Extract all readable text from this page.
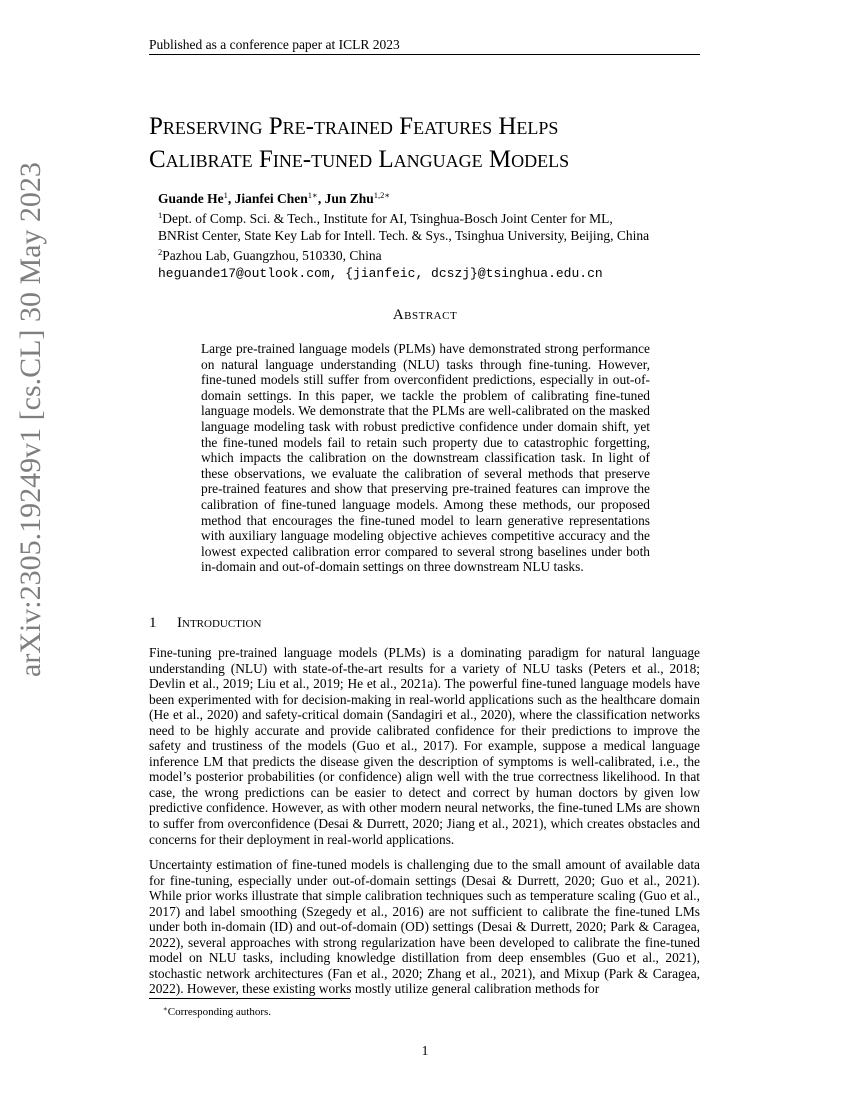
Published as a conference paper at ICLR 2023
arXiv:2305.19249v1 [cs.CL] 30 May 2023
Preserving Pre-trained Features Helps
Calibrate Fine-tuned Language Models
Guande He$^1$, Jianfei Chen$^{1∗}$, Jun Zhu$^{1,2∗}$
$^1$Dept. of Comp. Sci. & Tech., Institute for AI, Tsinghua-Bosch Joint Center for ML,
BNRist Center, State Key Lab for Intell. Tech. & Sys., Tsinghua University, Beijing, China
$^2$Pazhou Lab, Guangzhou, 510330, China
heguande17@outlook.com, {jianfeic, dcszj}@tsinghua.edu.cn
Abstract

Large pre-trained language models (PLMs) have demonstrated strong performance on natural language understanding (NLU) tasks through fine-tuning. However, fine-tuned models still suffer from overconfident predictions, especially in out-of-domain settings. In this paper, we tackle the problem of calibrating fine-tuned language models. We demonstrate that the PLMs are well-calibrated on the masked language modeling task with robust predictive confidence under domain shift, yet the fine-tuned models fail to retain such property due to catastrophic forgetting, which impacts the calibration on the downstream classification task. In light of these observations, we evaluate the calibration of several methods that preserve pre-trained features and show that preserving pre-trained features can improve the calibration of fine-tuned language models. Among these methods, our proposed method that encourages the fine-tuned model to learn generative representations with auxiliary language modeling objective achieves competitive accuracy and the lowest expected calibration error compared to several strong baselines under both in-domain and out-of-domain settings on three downstream NLU tasks.

1 Introduction

Fine-tuning pre-trained language models (PLMs) is a dominating paradigm for natural language understanding (NLU) with state-of-the-art results for a variety of NLU tasks (Peters et al., 2018; Devlin et al., 2019; Liu et al., 2019; He et al., 2021a). The powerful fine-tuned language models have been experimented with for decision-making in real-world applications such as the healthcare domain (He et al., 2020) and safety-critical domain (Sandagiri et al., 2020), where the classification networks need to be highly accurate and provide calibrated confidence for their predictions to improve the safety and trustiness of the models (Guo et al., 2017). For example, suppose a medical language inference LM that predicts the disease given the description of symptoms is well-calibrated, i.e., the model’s posterior probabilities (or confidence) align well with the true correctness likelihood. In that case, the wrong predictions can be easier to detect and correct by human doctors by given low predictive confidence. However, as with other modern neural networks, the fine-tuned LMs are shown to suffer from overconfidence (Desai & Durrett, 2020; Jiang et al., 2021), which creates obstacles and concerns for their deployment in real-world applications.

Uncertainty estimation of fine-tuned models is challenging due to the small amount of available data for fine-tuning, especially under out-of-domain settings (Desai & Durrett, 2020; Guo et al., 2021). While prior works illustrate that simple calibration techniques such as temperature scaling (Guo et al., 2017) and label smoothing (Szegedy et al., 2016) are not sufficient to calibrate the fine-tuned LMs under both in-domain (ID) and out-of-domain (OD) settings (Desai & Durrett, 2020; Park & Caragea, 2022), several approaches with strong regularization have been developed to calibrate the fine-tuned model on NLU tasks, including knowledge distillation from deep ensembles (Guo et al., 2021), stochastic network architectures (Fan et al., 2020; Zhang et al., 2021), and Mixup (Park & Caragea, 2022). However, these existing works mostly utilize general calibration methods for

∗Corresponding authors.
1
